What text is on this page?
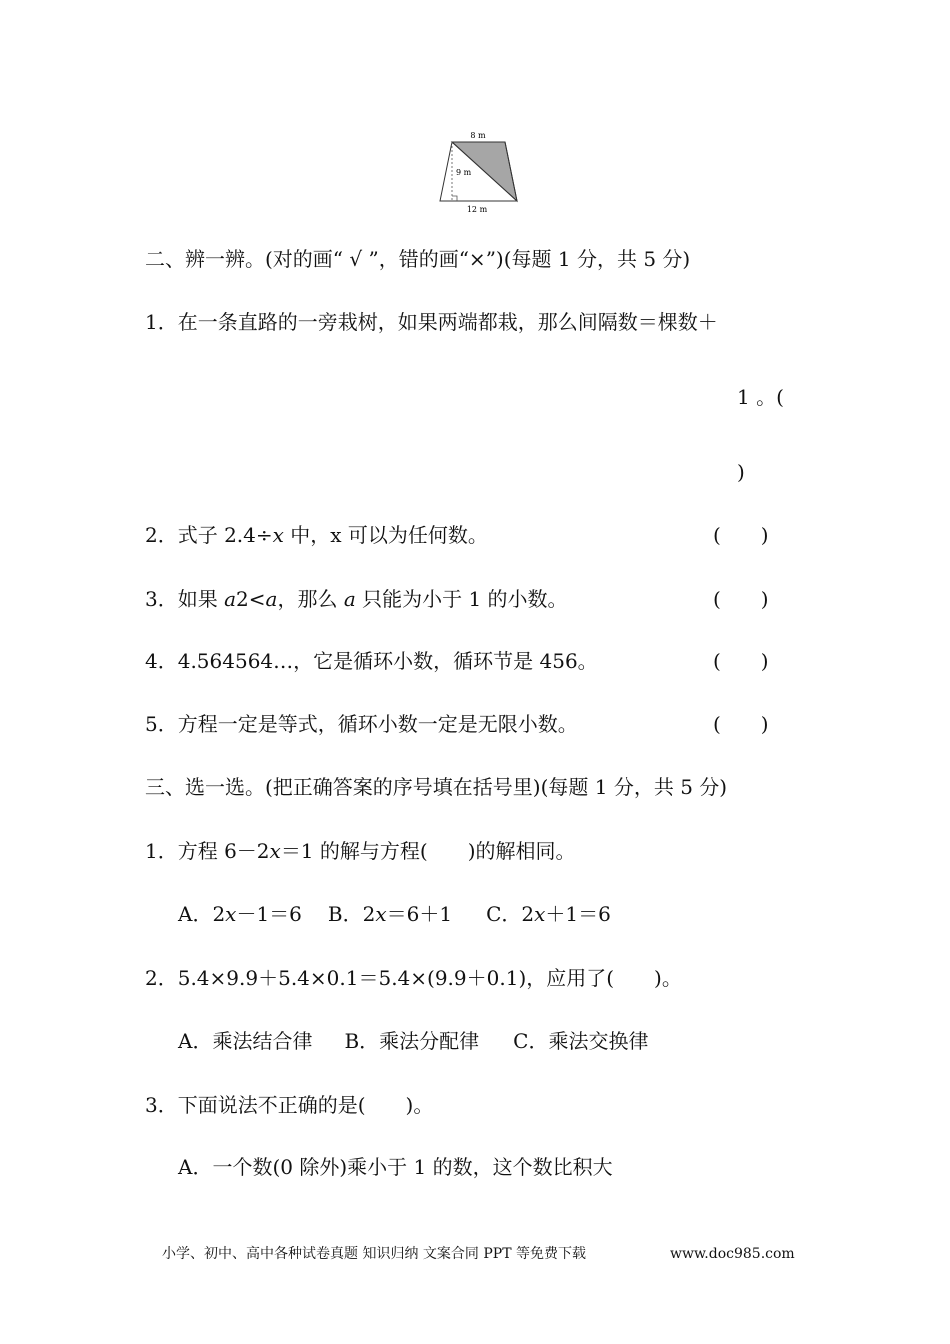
8 m
9 m
12 m
二、辨一辨。(对的画“ √ ”，错的画“×”)(每题 1 分，共 5 分)
1．在一条直路的一旁栽树，如果两端都栽，那么间隔数＝棵数＋
1 。(
)
2．式子 2.4÷x 中，x 可以为任何数。	(　　)
3．如果 a2<a，那么 a 只能为小于 1 的小数。	(　　)
4．4.564564…，它是循环小数，循环节是 456。	(　　)
5．方程一定是等式，循环小数一定是无限小数。	(　　)
三、选一选。(把正确答案的序号填在括号里)(每题 1 分，共 5 分)
1．方程 6－2x＝1 的解与方程(　　)的解相同。
A．2x－1＝6 B．2x＝6＋1 C．2x＋1＝6
2．5.4×9.9＋5.4×0.1＝5.4×(9.9＋0.1)，应用了(　　)。
A．乘法结合律 B．乘法分配律 C．乘法交换律
3．下面说法不正确的是(　　)。
A．一个数(0 除外)乘小于 1 的数，这个数比积大
小学、初中、高中各种试卷真题 知识归纳 文案合同 PPT 等免费下载	www.doc985.com
